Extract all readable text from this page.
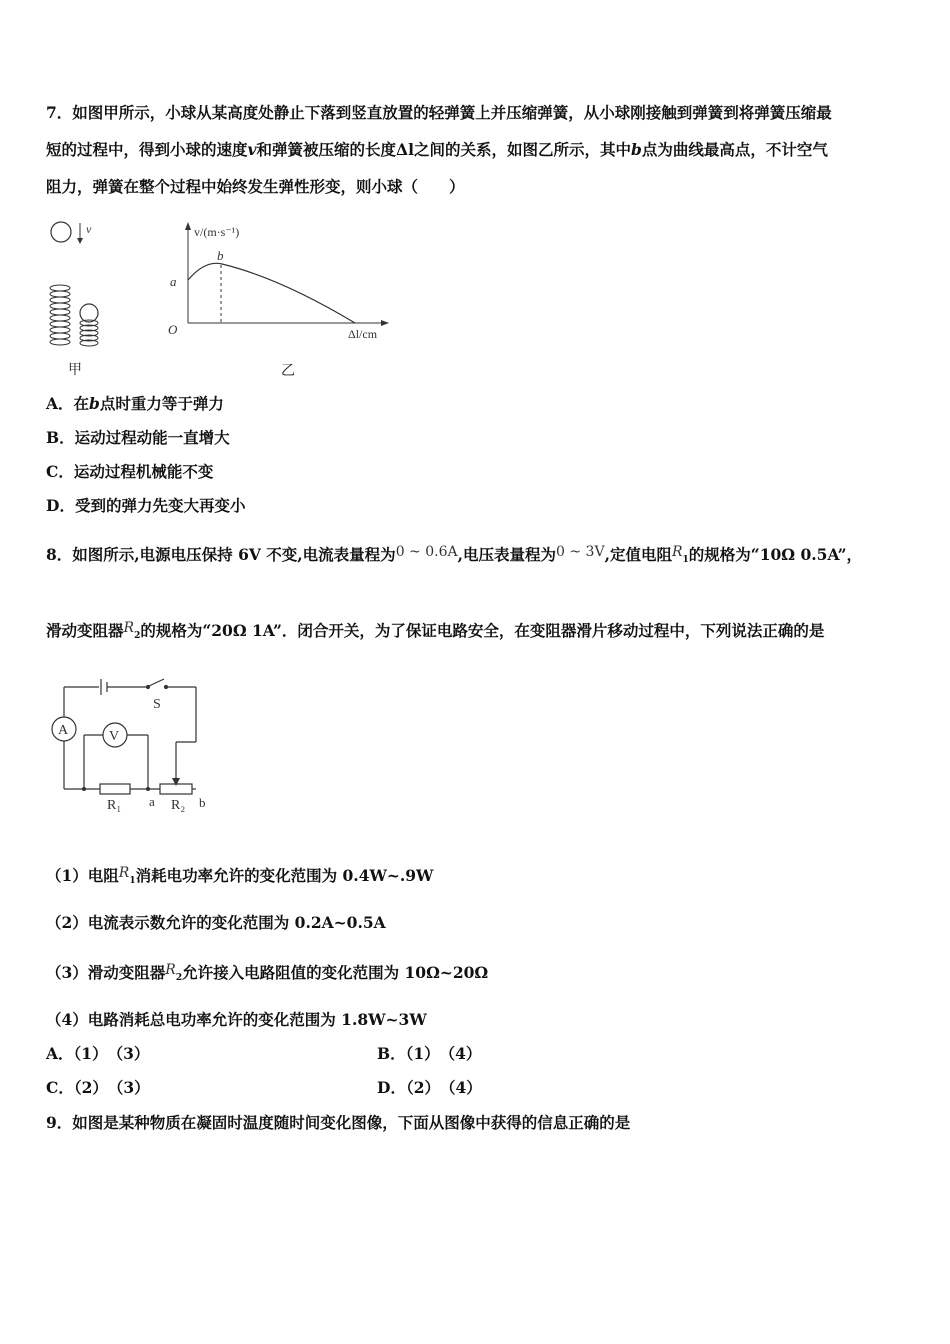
7．如图甲所示，小球从某高度处静止下落到竖直放置的轻弹簧上并压缩弹簧，从小球刚接触到弹簧到将弹簧压缩最
短的过程中，得到小球的速度v和弹簧被压缩的长度Δl之间的关系，如图乙所示，其中b点为曲线最高点，不计空气
阻力，弹簧在整个过程中始终发生弹性形变，则小球（　　）
v
甲
v/(m·s⁻¹)
O
a
b
Δl/cm
乙
A．在b点时重力等于弹力
B．运动过程动能一直增大
C．运动过程机械能不变
D．受到的弹力先变大再变小
8．如图所示,电源电压保持 6V 不变,电流表量程为0 ~ 0.6A,电压表量程为0 ~ 3V,定值电阻$R_1$的规格为“10Ω 0.5A”，
滑动变阻器$R_2$的规格为“20Ω 1A”．闭合开关，为了保证电路安全，在变阻器滑片移动过程中，下列说法正确的是
A	V
S
R₁ a R₂ b
（1）电阻$R_1$消耗电功率允许的变化范围为 0.4W~.9W
（2）电流表示数允许的变化范围为 0.2A~0.5A
（3）滑动变阻器$R_2$允许接入电路阻值的变化范围为 10Ω~20Ω
（4）电路消耗总电功率允许的变化范围为 1.8W~3W
A．（1）　（3）	B．（1）　（4）
C．（2）　（3）	D．（2）　（4）
9．如图是某种物质在凝固时温度随时间变化图像，下面从图像中获得的信息正确的是
